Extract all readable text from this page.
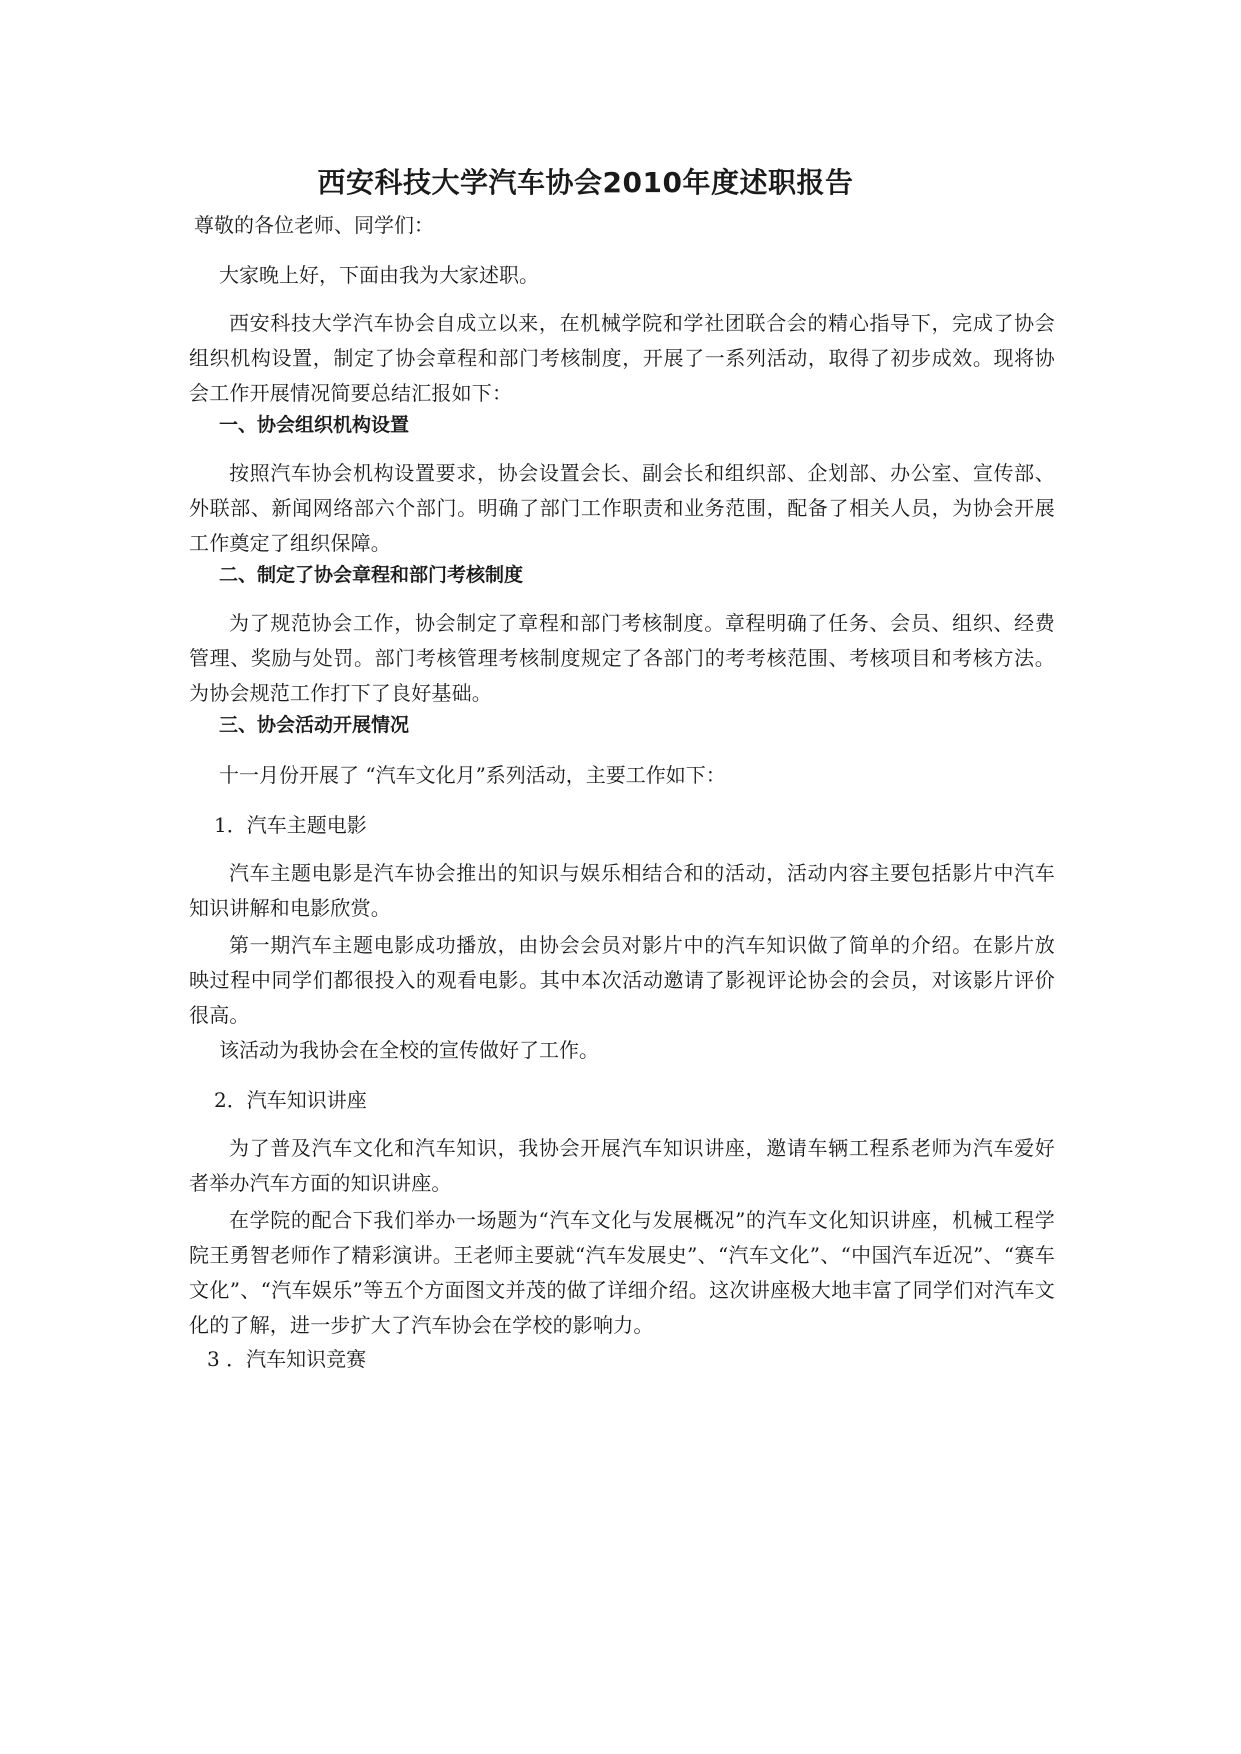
西安科技大学汽车协会2010年度述职报告
尊敬的各位老师、同学们：
大家晚上好，下面由我为大家述职。
西安科技大学汽车协会自成立以来，在机械学院和学社团联合会的精心指导下，完成了协会组织机构设置，制定了协会章程和部门考核制度，开展了一系列活动，取得了初步成效。现将协会工作开展情况简要总结汇报如下：
一、协会组织机构设置
按照汽车协会机构设置要求，协会设置会长、副会长和组织部、企划部、办公室、宣传部、外联部、新闻网络部六个部门。明确了部门工作职责和业务范围，配备了相关人员，为协会开展工作奠定了组织保障。
二、制定了协会章程和部门考核制度
为了规范协会工作，协会制定了章程和部门考核制度。章程明确了任务、会员、组织、经费管理、奖励与处罚。部门考核管理考核制度规定了各部门的考考核范围、考核项目和考核方法。为协会规范工作打下了良好基础。
三、协会活动开展情况
十一月份开展了 “汽车文化月”系列活动，主要工作如下：
1．汽车主题电影
汽车主题电影是汽车协会推出的知识与娱乐相结合和的活动，活动内容主要包括影片中汽车知识讲解和电影欣赏。
第一期汽车主题电影成功播放，由协会会员对影片中的汽车知识做了简单的介绍。在影片放映过程中同学们都很投入的观看电影。其中本次活动邀请了影视评论协会的会员，对该影片评价很高。
该活动为我协会在全校的宣传做好了工作。
2．汽车知识讲座
为了普及汽车文化和汽车知识，我协会开展汽车知识讲座，邀请车辆工程系老师为汽车爱好者举办汽车方面的知识讲座。
在学院的配合下我们举办一场题为“汽车文化与发展概况”的汽车文化知识讲座，机械工程学院王勇智老师作了精彩演讲。王老师主要就“汽车发展史”、“汽车文化”、“中国汽车近况”、“赛车文化”、“汽车娱乐”等五个方面图文并茂的做了详细介绍。这次讲座极大地丰富了同学们对汽车文化的了解，进一步扩大了汽车协会在学校的影响力。
3 ．汽车知识竞赛
